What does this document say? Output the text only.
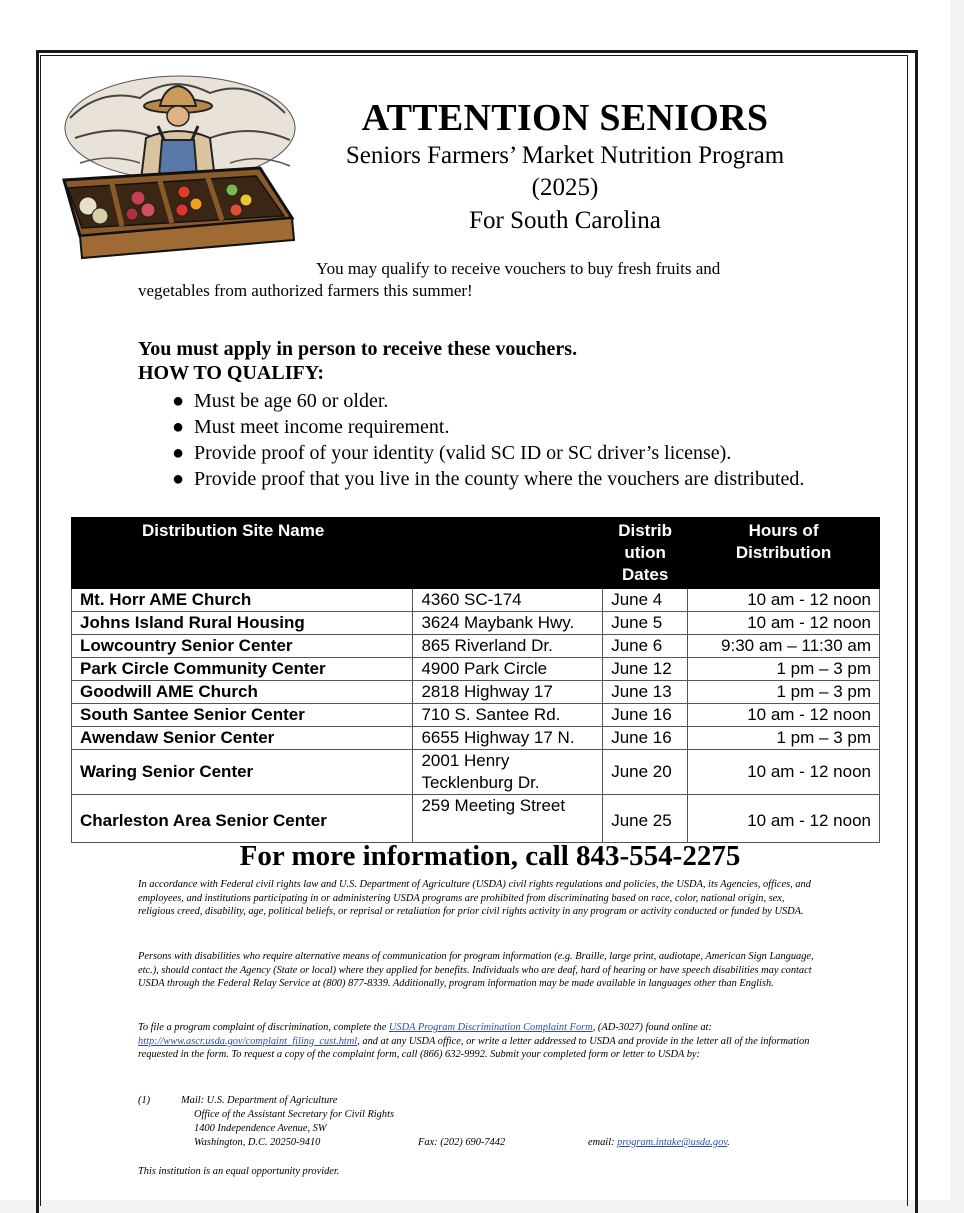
ATTENTION SENIORS
Seniors Farmers’ Market Nutrition Program
(2025)
For South Carolina
You may qualify to receive vouchers to buy fresh fruits and
vegetables from authorized farmers this summer!
You must apply in person to receive these vouchers.
HOW TO QUALIFY:
● Must be age 60 or older.
● Must meet income requirement.
● Provide proof of your identity (valid SC ID or SC driver’s license).
● Provide proof that you live in the county where the vouchers are distributed.
Distribution Site Name		Distribution Dates	Hours of Distribution
Mt. Horr AME Church	4360 SC-174	June 4	10 am - 12 noon
Johns Island Rural Housing	3624 Maybank Hwy.	June 5	10 am - 12 noon
Lowcountry Senior Center	865 Riverland Dr.	June 6	9:30 am – 11:30 am
Park Circle Community Center	4900 Park Circle	June 12	1 pm – 3 pm
Goodwill AME Church	2818 Highway 17	June 13	1 pm – 3 pm
South Santee Senior Center	710 S. Santee Rd.	June 16	10 am - 12 noon
Awendaw Senior Center	6655 Highway 17 N.	June 16	1 pm – 3 pm
Waring Senior Center	2001 Henry Tecklenburg Dr.	June 20	10 am - 12 noon
Charleston Area Senior Center	259 Meeting Street	June 25	10 am - 12 noon
For more information, call 843-554-2275
In accordance with Federal civil rights law and U.S. Department of Agriculture (USDA) civil rights regulations and policies, the USDA, its Agencies, offices, and employees, and institutions participating in or administering USDA programs are prohibited from discriminating based on race, color, national origin, sex, religious creed, disability, age, political beliefs, or reprisal or retaliation for prior civil rights activity in any program or activity conducted or funded by USDA.
Persons with disabilities who require alternative means of communication for program information (e.g. Braille, large print, audiotape, American Sign Language, etc.), should contact the Agency (State or local) where they applied for benefits. Individuals who are deaf, hard of hearing or have speech disabilities may contact USDA through the Federal Relay Service at (800) 877-8339. Additionally, program information may be made available in languages other than English.
To file a program complaint of discrimination, complete the USDA Program Discrimination Complaint Form, (AD-3027) found online at: http://www.ascr.usda.gov/complaint_filing_cust.html, and at any USDA office, or write a letter addressed to USDA and provide in the letter all of the information requested in the form. To request a copy of the complaint form, call (866) 632-9992. Submit your completed form or letter to USDA by:
(1)	Mail: U.S. Department of Agriculture
Office of the Assistant Secretary for Civil Rights
1400 Independence Avenue, SW
Washington, D.C. 20250-9410	Fax: (202) 690-7442	email: program.intake@usda.gov.
This institution is an equal opportunity provider.
